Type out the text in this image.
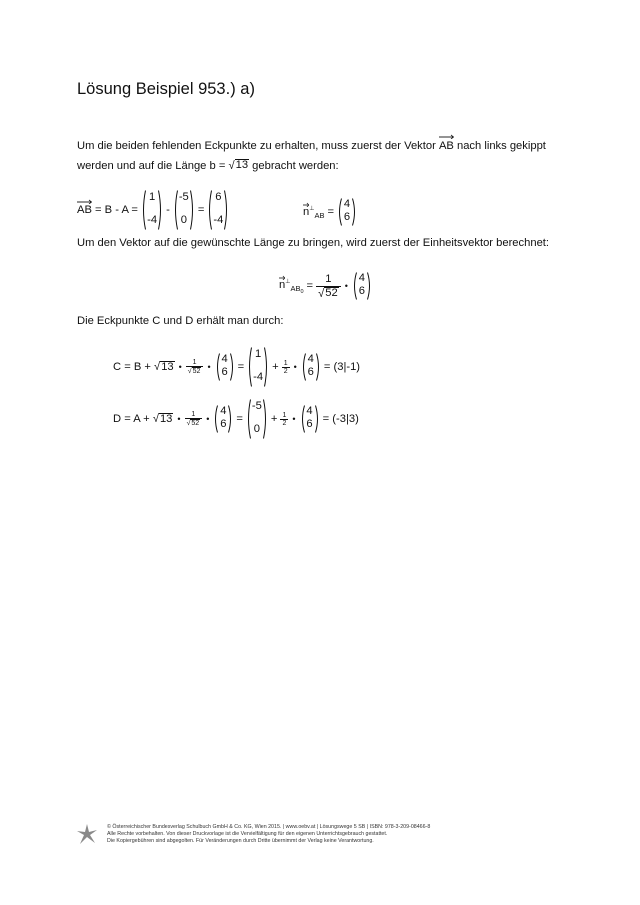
Lösung Beispiel 953.) a)
Um die beiden fehlenden Eckpunkte zu erhalten, muss zuerst der Vektor
AB nach links gekippt
werden und auf die Länge b = √ 13 gebracht werden:
AB = B - A =
1
-4
-
-5
0
=
6
-4
$n^\perp_{AB}$ =
4
6
Um den Vektor auf die gewünschte Länge zu bringen, wird zuerst der Einheitsvektor berechnet:
$n^\perp_{AB_0} = \frac{1}{√ 52}$ •
4
6
Die Eckpunkte C und D erhält man durch:
C = B + √ 13 • $\frac{1}{√ 52}$ •
4
6 =
1
-4
+ $\frac{1}{2}$ •
4
6 = (3|-1)
D = A + √ 13 • $\frac{1}{√ 52}$ •
4
6 =
-5
0
+ $\frac{1}{2}$ •
4
6 = (-3|3)
© Österreichischer Bundesverlag Schulbuch GmbH & Co. KG, Wien 2015. | www.oebv.at | Lösungswege 5 SB | ISBN: 978-3-209-08466-8
Alle Rechte vorbehalten. Von dieser Druckvorlage ist die Vervielfältigung für den eigenen Unterrichtsgebrauch gestattet.
Die Kopiergebühren sind abgegolten. Für Veränderungen durch Dritte übernimmt der Verlag keine Verantwortung.
